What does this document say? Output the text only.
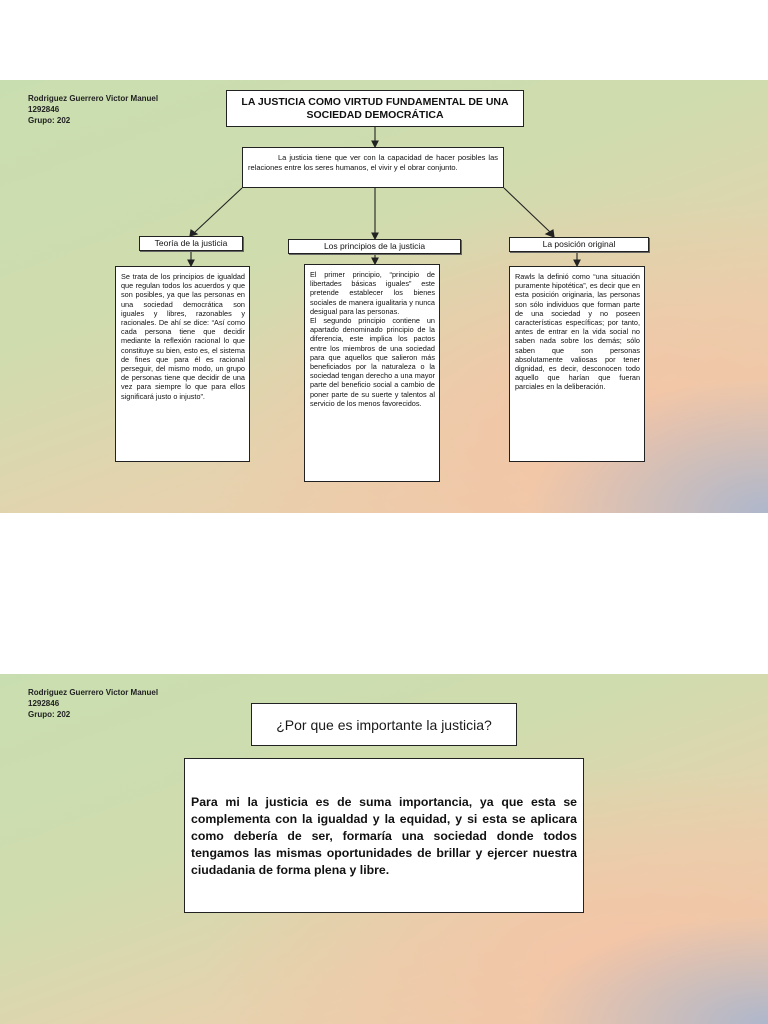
Rodriguez Guerrero Victor Manuel
1292846
Grupo: 202
LA JUSTICIA COMO VIRTUD FUNDAMENTAL DE UNA SOCIEDAD DEMOCRÁTICA
La justicia tiene que ver con la capacidad de hacer posibles las relaciones entre los seres humanos, el vivir y el obrar conjunto.
Teoría de la justicia	Los principios de la justicia	La posición original

Se trata de los principios de igualdad que regulan todos los acuerdos y que son posibles, ya que las personas en una sociedad democrática son iguales y libres, razonables y racionales. De ahí se dice: “Así como cada persona tiene que decidir mediante la reflexión racional lo que constituye su bien, esto es, el sistema de fines que para él es racional perseguir, del mismo modo, un grupo de personas tiene que decidir de una vez para siempre lo que para ellos significará justo o injusto”.

El primer principio, “principio de libertades básicas iguales” este pretende establecer los bienes sociales de manera igualitaria y nunca desigual para las personas.

El segundo principio contiene un apartado denominado principio de la diferencia, este implica los pactos entre los miembros de una sociedad para que aquellos que salieron más beneficiados por la naturaleza o la sociedad tengan derecho a una mayor parte del beneficio social a cambio de poner parte de su suerte y talentos al servicio de los menos favorecidos.

Rawls la definió como “una situación puramente hipotética”, es decir que en esta posición originaria, las personas son sólo individuos que forman parte de una sociedad y no poseen características específicas; por tanto, antes de entrar en la vida social no saben nada sobre los demás; sólo saben que son personas absolutamente valiosas por tener dignidad, es decir, desconocen todo aquello que harían que fueran parciales en la deliberación.

Rodriguez Guerrero Victor Manuel
1292846
Grupo: 202
¿Por que es importante la justicia?
Para mi la justicia es de suma importancia, ya que esta se complementa con la igualdad y la equidad, y si esta se aplicara como debería de ser, formaría una sociedad donde todos tengamos las mismas oportunidades de brillar y ejercer nuestra ciudadania de forma plena y libre.
